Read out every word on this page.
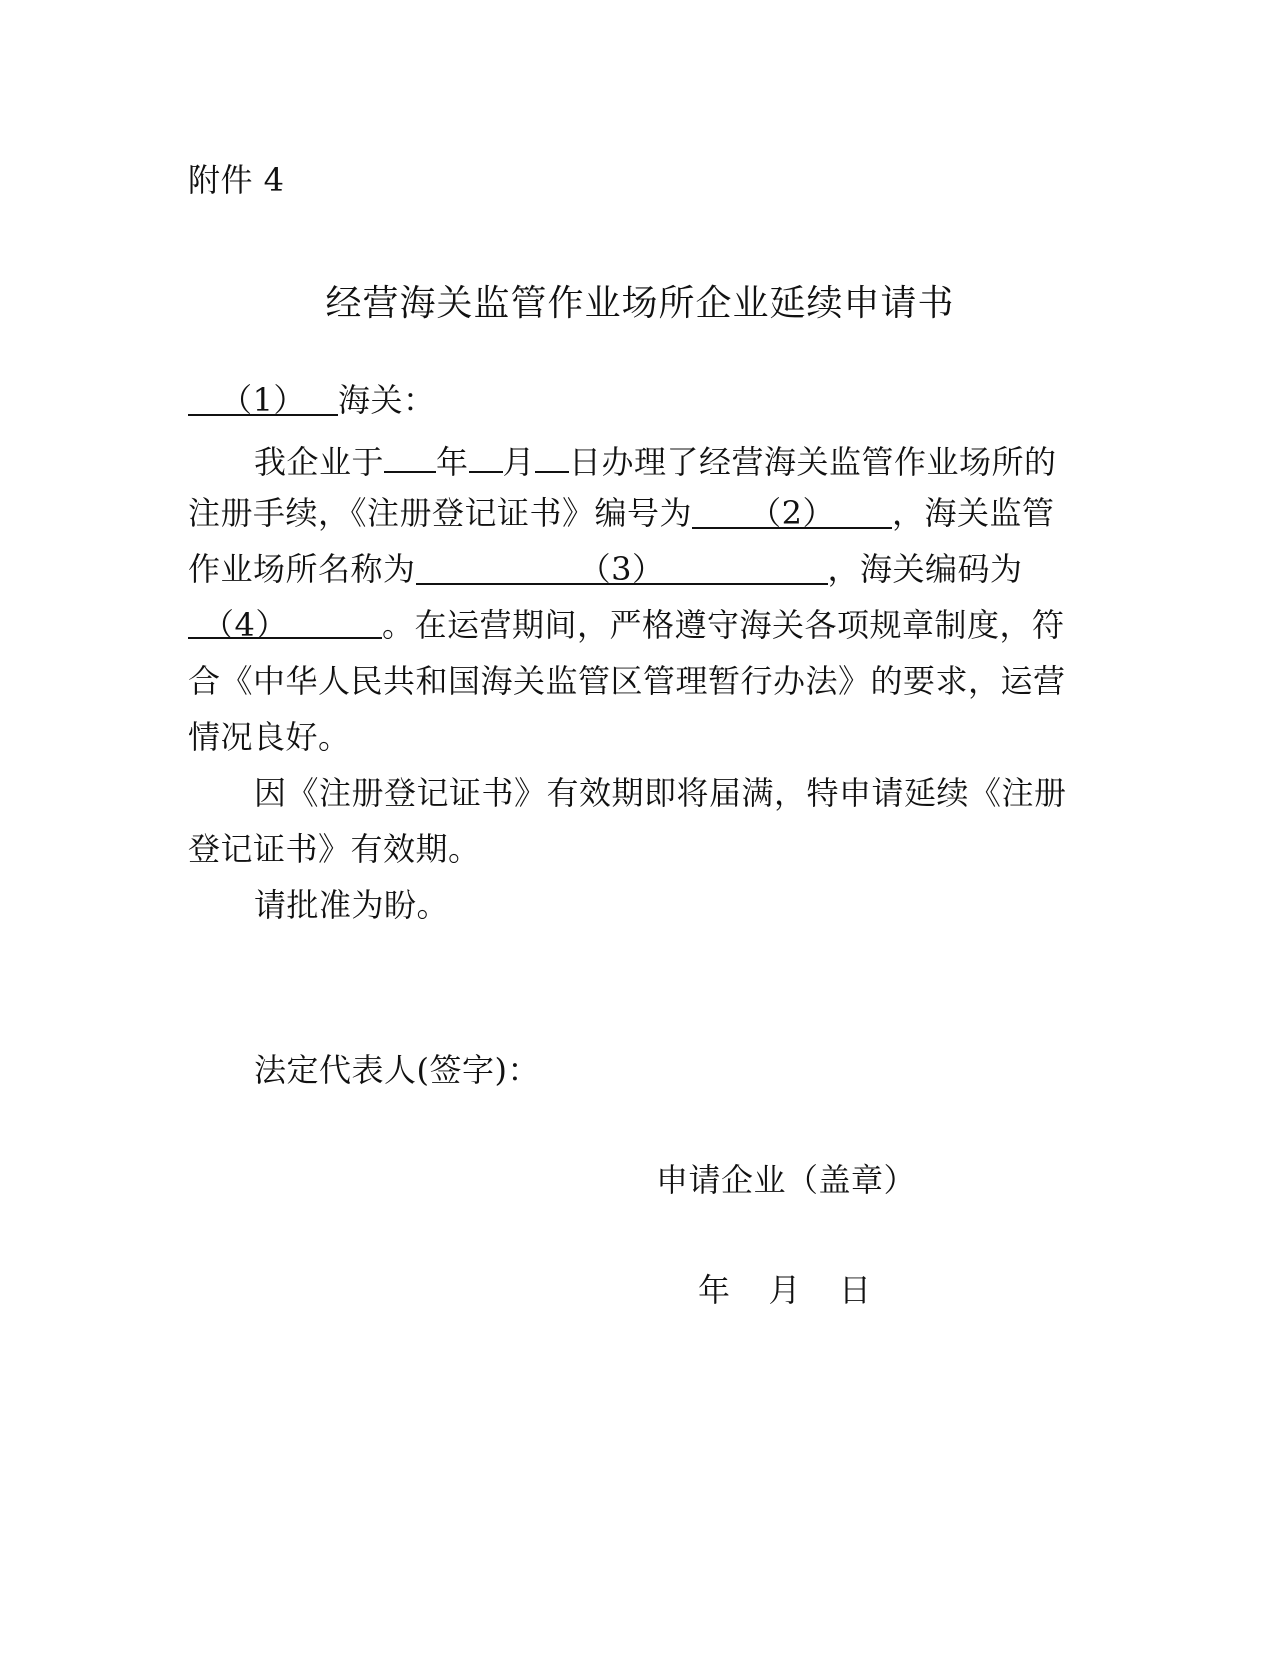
附件 4
经营海关监管作业场所企业延续申请书
（1） 海关：
我企业于 年 月 日办理了经营海关监管作业场所的
注册手续，《注册登记证书》编号为 （2） ，海关监管
作业场所名称为	（3）	，海关编码为
（4）	。在运营期间，严格遵守海关各项规章制度，符
合《中华人民共和国海关监管区管理暂行办法》的要求，运营
情况良好。
因《注册登记证书》有效期即将届满，特申请延续《注册
登记证书》有效期。
请批准为盼。
法定代表人(签字)：
申请企业（盖章）
年 月 日
